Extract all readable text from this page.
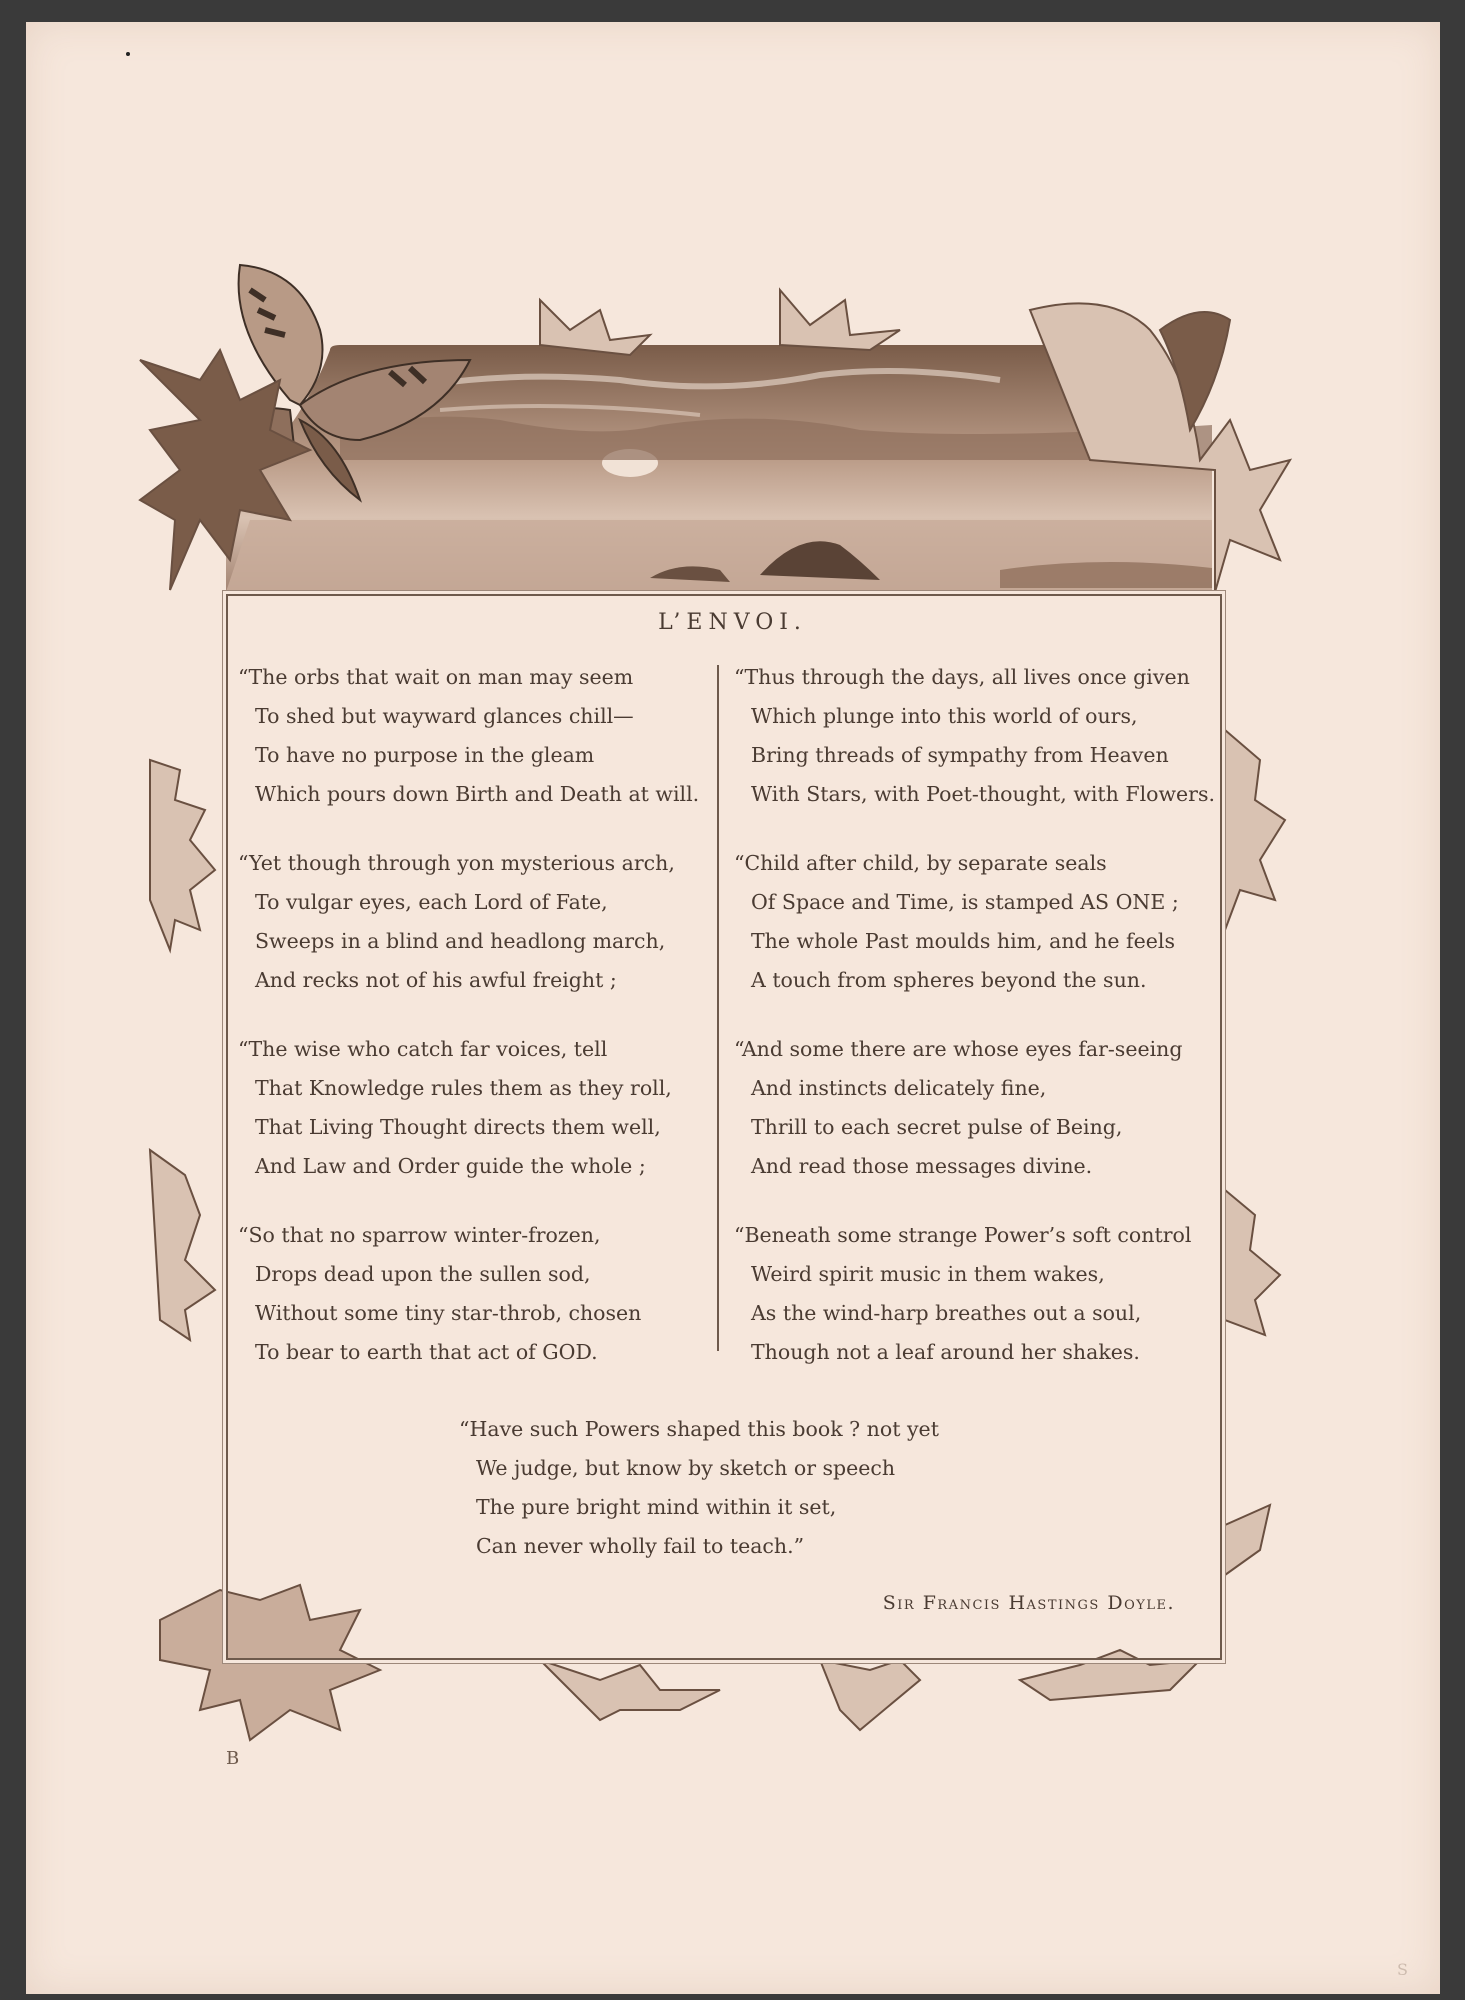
L’ENVOI.
“The orbs that wait on man may seem
To shed but wayward glances chill—
To have no purpose in the gleam
Which pours down Birth and Death at will.
“Yet though through yon mysterious arch,
To vulgar eyes, each Lord of Fate,
Sweeps in a blind and headlong march,
And recks not of his awful freight ;
“The wise who catch far voices, tell
That Knowledge rules them as they roll,
That Living Thought directs them well,
And Law and Order guide the whole ;
“So that no sparrow winter-frozen,
Drops dead upon the sullen sod,
Without some tiny star-throb, chosen
To bear to earth that act of GOD.
“Thus through the days, all lives once given
Which plunge into this world of ours,
Bring threads of sympathy from Heaven
With Stars, with Poet-thought, with Flowers.
“Child after child, by separate seals
Of Space and Time, is stamped AS ONE ;
The whole Past moulds him, and he feels
A touch from spheres beyond the sun.
“And some there are whose eyes far-seeing
And instincts delicately fine,
Thrill to each secret pulse of Being,
And read those messages divine.
“Beneath some strange Power’s soft control
Weird spirit music in them wakes,
As the wind-harp breathes out a soul,
Though not a leaf around her shakes.
“Have such Powers shaped this book ? not yet
We judge, but know by sketch or speech
The pure bright mind within it set,
Can never wholly fail to teach.”
Sir Francis Hastings Doyle.
B
S
